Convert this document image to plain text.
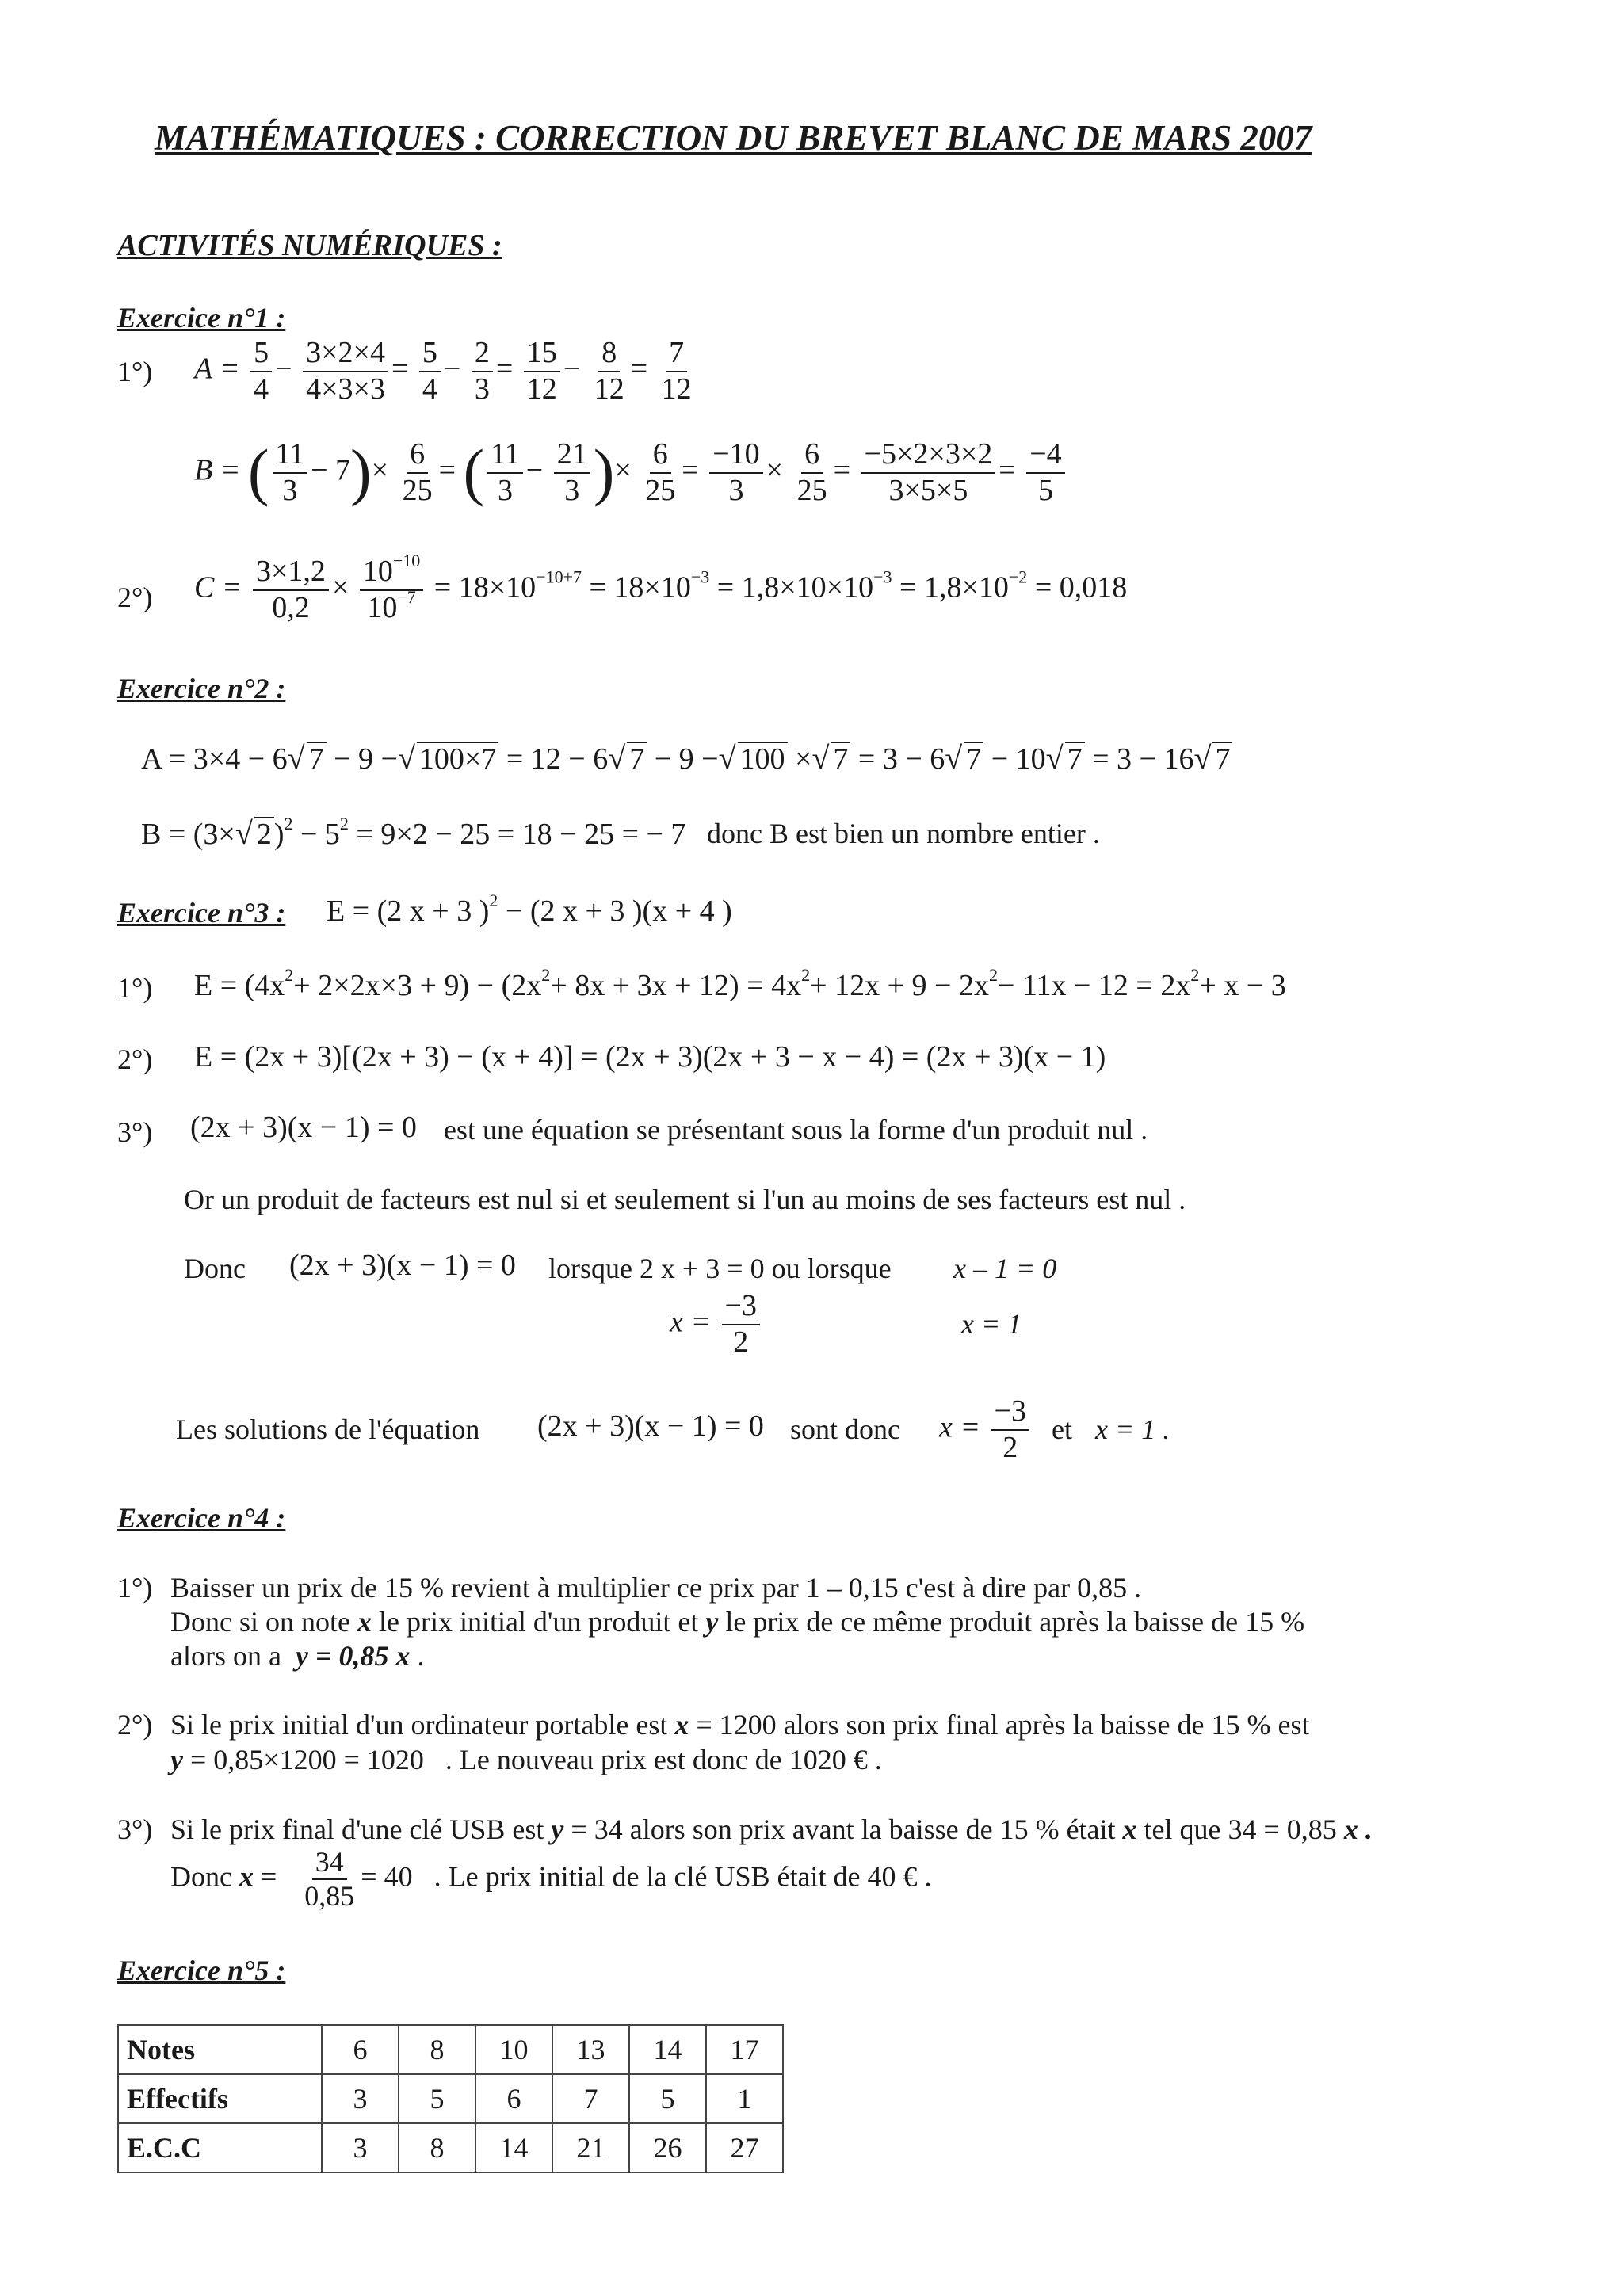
MATHÉMATIQUES : CORRECTION DU BREVET BLANC DE MARS 2007
ACTIVITÉS NUMÉRIQUES :
Exercice n°1 :
1°) $A = \frac{5}{4} - \frac{3\times 2\times 4}{4\times 3\times 3} = \frac{5}{4} - \frac{2}{3} = \frac{15}{12} - \frac{8}{12} = \frac{7}{12}$
B = ( $\frac{11}{3} - 7)\times \frac{6}{25}$ = ( $\frac{11}{3} - \frac{21}{3}$ )× $\frac{6}{25} = \frac{-10}{3} \times \frac{6}{25} = \frac{-5\times 2\times 3\times 2}{3\times 5\times 5} = \frac{-4}{5}$
2°) $C = \frac{3\times 1,2}{0,2} \times \frac{10^{-10}}{10^{-7}} = 18\times 10^{-10+7} = 18\times 10^{-3} = 1,8\times 10\times 10^{-3} = 1,8\times 10^{-2} = 0,018$
Exercice n°2 :
A = 3×4 − 6√ 7 − 9 −√ 100×7 = 12 − 6√ 7 − 9 −√ 100 ×√ 7 = 3 − 6√ 7 − 10√ 7 = 3 − 16√ 7
B = (3×√ $2)^2 - 5^2 = 9\times 2 - 25 = 18 - 25$ = − 7 donc B est bien un nombre entier .
Exercice n°3 : E = (2 x + 3 )$^2$ − (2 x + 3 )(x + 4 )
1°) $E = (4x^2+ 2\times 2x\times 3 + 9) - (2x^2+ 8x + 3x + 12) = 4x^2+ 12x + 9 - 2x^2- 11x - 12 = 2x^2+ x - 3$
2°) E = (2x + 3)[(2x + 3) − (x + 4)] = (2x + 3)(2x + 3 − x − 4) = (2x + 3)(x − 1)
3°) (2x + 3)(x − 1) = 0 est une équation se présentant sous la forme d'un produit nul .
Or un produit de facteurs est nul si et seulement si l'un au moins de ses facteurs est nul .
Donc (2x + 3)(x − 1) = 0 lorsque 2 x + 3 = 0 ou lorsque x – 1 = 0
$x = \frac{-3}{2}$	x = 1
Les solutions de l'équation (2x + 3)(x − 1) = 0 sont donc $x = \frac{-3}{2}$ et x = 1 .
Exercice n°4 :
1°) Baisser un prix de 15 % revient à multiplier ce prix par 1 – 0,15 c'est à dire par 0,85 .
Donc si on note x le prix initial d'un produit et y le prix de ce même produit après la baisse de 15 %
alors on a y = 0,85 x .
2°) Si le prix initial d'un ordinateur portable est x = 1200 alors son prix final après la baisse de 15 % est
y = 0,85×1200 = 1020 . Le nouveau prix est donc de 1020 € .
3°) Si le prix final d'une clé USB est y = 34 alors son prix avant la baisse de 15 % était x tel que 34 = 0,85 x .
Donc $x = \frac{34}{0,85} = 40$ . Le prix initial de la clé USB était de 40 € .
Exercice n°5 :
Notes	6	8	10	13	14	17
Effectifs	3	5	6	7	5	1
E.C.C	3	8	14	21	26	27
